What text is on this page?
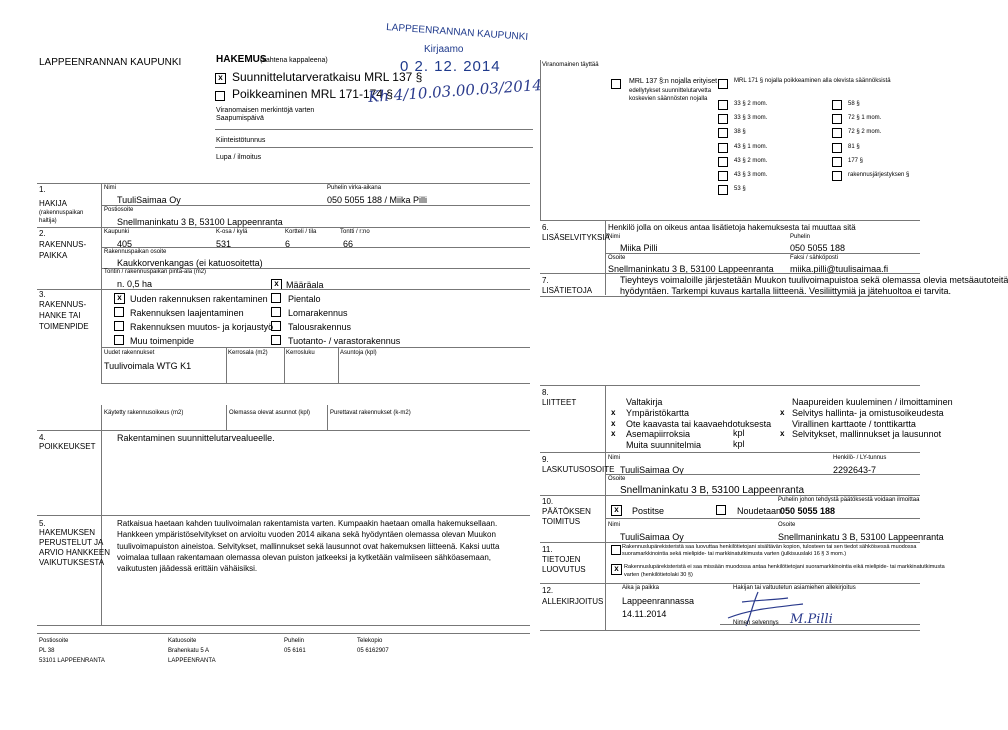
LAPPEENRANNAN KAUPUNKI	HAKEMUS
(kahtena kappaleena)
x Suunnittelutarveratkaisu MRL 137 §
Poikkeaminen MRL 171-174 §
Viranomaisen merkintöjä varten
Saapumispäivä
Kiinteistötunnus
Lupa / ilmoitus
LAPPEENRANNAN KAUPUNKI
Kirjaamo
0 2. 12. 2014
Kh 4/10.03.00.03/2014
Viranomainen täyttää
MRL 137 §:n nojalla erityiset
edellytykset suunnittelutarvetta
koskevien säännösten nojalla
MRL 171 § nojalla poikkeaminen alla olevista säännöksistä
1.
HAKIJA
(rakennuspaikan
haltija)
Nimi
TuuliSaimaa Oy
Puhelin virka-aikana
050 5055 188 / Miika Pilli
Postiosoite
Snellmaninkatu 3 B, 53100 Lappeenranta
2.
RAKENNUS-
PAIKKA
Kaupunki
405
K-osa / kylä
531
Kortteli / tila
6
Tontti / r:no
66
Rakennuspaikan osoite
Kaukkorvenkangas (ei katuosoitetta)
Tontin / rakennuspaikan pinta-ala (m2)
n. 0,5 ha	x Määräala
3.
RAKENNUS-
HANKE TAI
TOIMENPIDE
Uudet rakennukset	Kerrosala (m2)	Kerrosluku	Asuntoja (kpl)
Tuulivoimala WTG K1
Käytetty rakennusoikeus (m2)	Olemassa olevat asunnot (kpl)	Purettavat rakennukset (k-m2)
4.
POIKKEUKSET
Rakentaminen suunnittelutarvealueelle.
5.
HAKEMUKSEN
PERUSTELUT JA
ARVIO HANKKEEN
VAIKUTUKSESTA
6.
LISÄSELVITYKSIÄ
Henkilö jolla on oikeus antaa lisätietoja hakemuksesta tai muuttaa sitä
Nimi
Miika Pilli
Puhelin
050 5055 188
Osoite	Faksi / sähköposti
Snellmaninkatu 3 B, 53100 Lappeenranta miika.pilli@tuulisaimaa.fi
7.
LISÄTIETOJA
Tieyhteys voimaloille järjestetään Muukon tuulivoimapuistoa sekä olemassa olevia metsäautoteitä
hyödyntäen. Tarkempi kuvaus kartalla liitteenä. Vesiliittymiä ja jätehuoltoa ei tarvita.
8.
LIITTEET
kpl
kpl
9.
LASKUTUSOSOITE
Nimi
TuuliSaimaa Oy
Henkilö- / LY-tunnus
2292643-7
Osoite
Snellmaninkatu 3 B, 53100 Lappeenranta
10.
PÄÄTÖKSEN
TOIMITUS
Puhelin johon tehdystä päätöksestä voidaan ilmoittaa
x	Postitse	Noudetaan
050 5055 188
Nimi	Osoite
TuuliSaimaa Oy	Snellmaninkatu 3 B, 53100 Lappeenranta
11.
TIETOJEN
LUOVUTUS
Rakennuslupärekisteristä saa luovuttaa henkilötietojani sisältävän kopion, tulosteen tai sen tiedot sähköisessä muodossa
suoramarkkinointia sekä mielipide- tai markkinatutkimusta varten (julkisuuslaki 16 § 3 mom.)
x Rakennuslupärekisteristä ei saa missään muodossa antaa henkilötietojani suoramarkkinointia eikä mielipide- tai markkinatutkimusta
varten (henkilötietolaki 30 §)
12.
ALLEKIRJOITUS
Aika ja paikka
Lappeenrannassa
14.11.2014
Hakijan tai valtuutetun asiamiehen allekirjoitus
Nimen selvennys M.Pilli
33 § 2 mom.
33 § 3 mom.
38 §
43 § 1 mom.
43 § 2 mom.
43 § 3 mom.
53 §
58 §
72 § 1 mom.
72 § 2 mom.
81 §
177 §
rakennusjärjestyksen §
x Uuden rakennuksen rakentaminen
Rakennuksen laajentaminen
Rakennuksen muutos- ja korjaustyö
Muu toimenpide
Pientalo
Lomarakennus
Talousrakennus
Tuotanto- / varastorakennus
Ratkaisua haetaan kahden tuulivoimalan rakentamista varten. Kumpaakin haetaan omalla hakemuksellaan.
Hankkeen ympäristöselvitykset on arvioitu vuoden 2014 aikana sekä hyödyntäen olemassa olevan Muukon
tuulivoimapuiston aineistoa. Selvitykset, mallinnukset sekä lausunnot ovat hakemuksen liitteenä. Kaksi uutta
voimalaa tullaan rakentamaan olemassa olevan puiston jatkeeksi ja kytketään valmiiseen sähköasemaan,
vaikutusten jäädessä erittäin vähäisiksi.
Valtakirja
x Ympäristökartta
x Ote kaavasta tai kaavaehdotuksesta
x Asemapiirroksia
Muita suunnitelmia
Naapureiden kuuleminen / ilmoittaminen
x Selvitys hallinta- ja omistusoikeudesta
Virallinen karttaote / tonttikartta
x Selvitykset, mallinnukset ja lausunnot
Postiosoite
PL 38
53101 LAPPEENRANTA
Katuosoite
Brahenkatu 5 A
LAPPEENRANTA
Puhelin
05 6161
Telekopio
05 6162907
